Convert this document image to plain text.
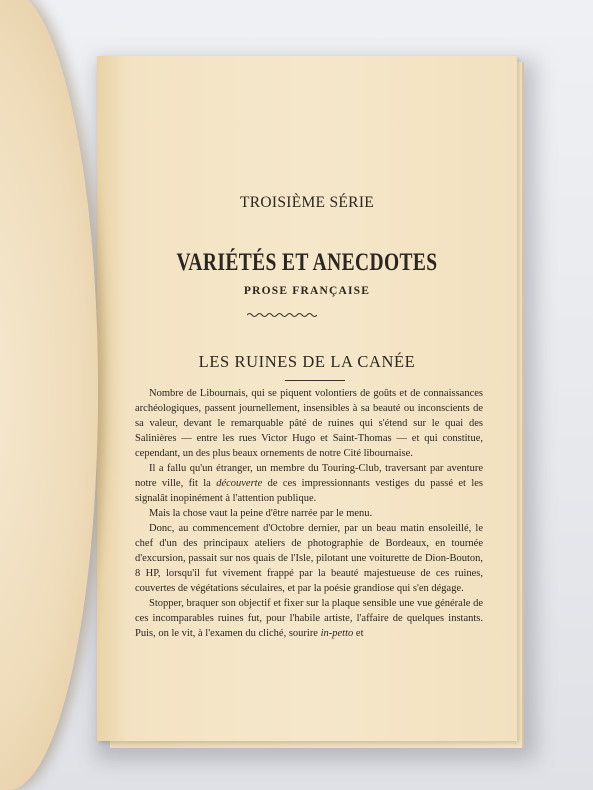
TROISIÈME SÉRIE
VARIÉTÉS ET ANECDOTES
PROSE FRANÇAISE
LES RUINES DE LA CANÉE

Nombre de Libournais, qui se piquent volontiers de goûts et de connaissances archéologiques, passent journellement, insensibles à sa beauté ou inconscients de sa valeur, devant le remarquable pâté de ruines qui s'étend sur le quai des Salinières — entre les rues Victor Hugo et Saint-Thomas — et qui constitue, cependant, un des plus beaux ornements de notre Cité libournaise.

Il a fallu qu'un étranger, un membre du Touring-Club, traversant par aventure notre ville, fit la découverte de ces impressionnants vestiges du passé et les signalât inopinément à l'attention publique.

Mais la chose vaut la peine d'être narrée par le menu.

Donc, au commencement d'Octobre dernier, par un beau matin ensoleillé, le chef d'un des principaux ateliers de photographie de Bordeaux, en tournée d'excursion, passait sur nos quais de l'Isle, pilotant une voiturette de Dion-Bouton, 8 HP, lorsqu'il fut vivement frappé par la beauté majestueuse de ces ruines, couvertes de végétations séculaires, et par la poésie grandiose qui s'en dégage.

Stopper, braquer son objectif et fixer sur la plaque sensible une vue générale de ces incomparables ruines fut, pour l'habile artiste, l'affaire de quelques instants. Puis, on le vit, à l'examen du cliché, sourire in-petto et
